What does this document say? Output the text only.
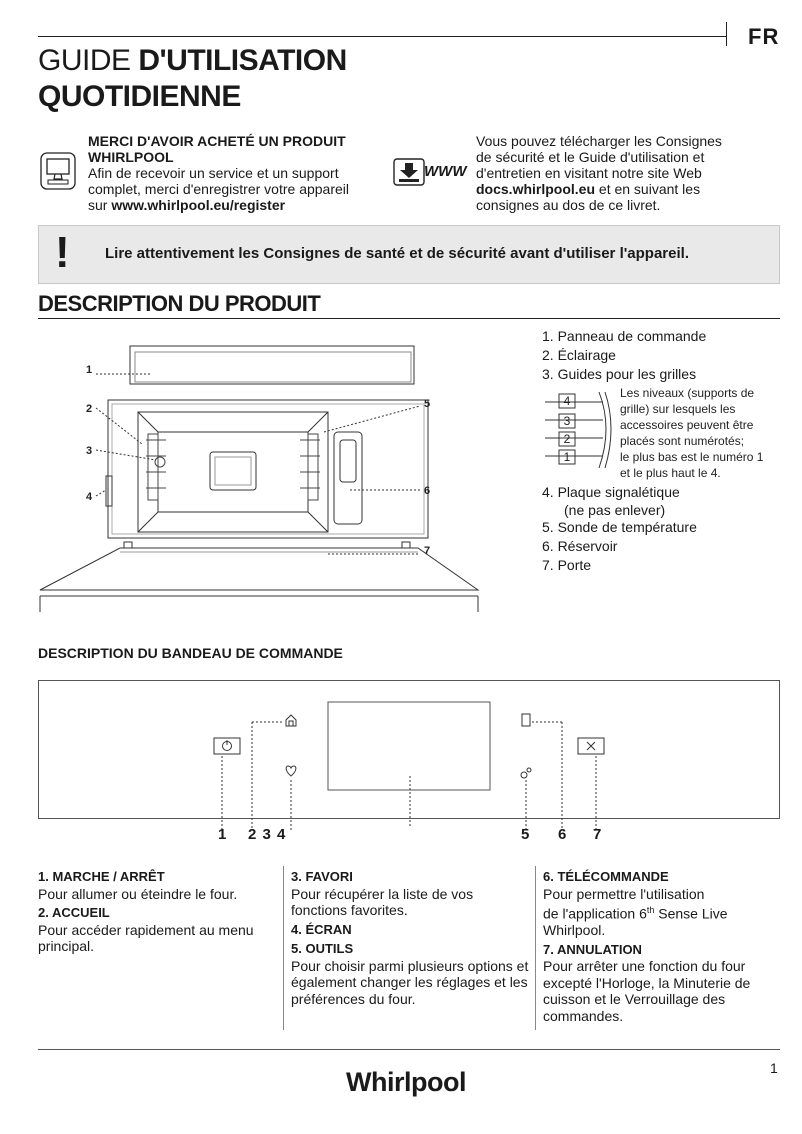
FR
GUIDE D'UTILISATION
QUOTIDIENNE
MERCI D'AVOIR ACHETÉ UN PRODUIT WHIRLPOOL
Afin de recevoir un service et un support
complet, merci d'enregistrer votre appareil
sur www.whirlpool.eu/register
WWW
Vous pouvez télécharger les Consignes
de sécurité et le Guide d'utilisation et
d'entretien en visitant notre site Web
docs.whirlpool.eu et en suivant les
consignes au dos de ce livret.
! Lire attentivement les Consignes de santé et de sécurité avant d'utiliser l'appareil.
DESCRIPTION DU PRODUIT
1
2
3
4
5
6
7
1. Panneau de commande
2. Éclairage
3. Guides pour les grilles
4
3
2
1
Les niveaux (supports de
grille) sur lesquels les
accessoires peuvent être
placés sont numérotés;
le plus bas est le numéro 1
et le plus haut le 4.
4. Plaque signalétique
(ne pas enlever)
5. Sonde de température
6. Réservoir
7. Porte
DESCRIPTION DU BANDEAU DE COMMANDE
1 2 3 4	5 6 7
1. MARCHE / ARRÊT
Pour allumer ou éteindre le four.
2. ACCUEIL
Pour accéder rapidement au menu principal.
3. FAVORI
Pour récupérer la liste de vos fonctions favorites.
4. ÉCRAN
5. OUTILS
Pour choisir parmi plusieurs options et également changer les réglages et les préférences du four.
6. TÉLÉCOMMANDE
Pour permettre l'utilisation
de l'application 6th Sense Live
Whirlpool.
7. ANNULATION
Pour arrêter une fonction du four excepté l'Horloge, la Minuterie de cuisson et le Verrouillage des commandes.
1
Whirlpool
